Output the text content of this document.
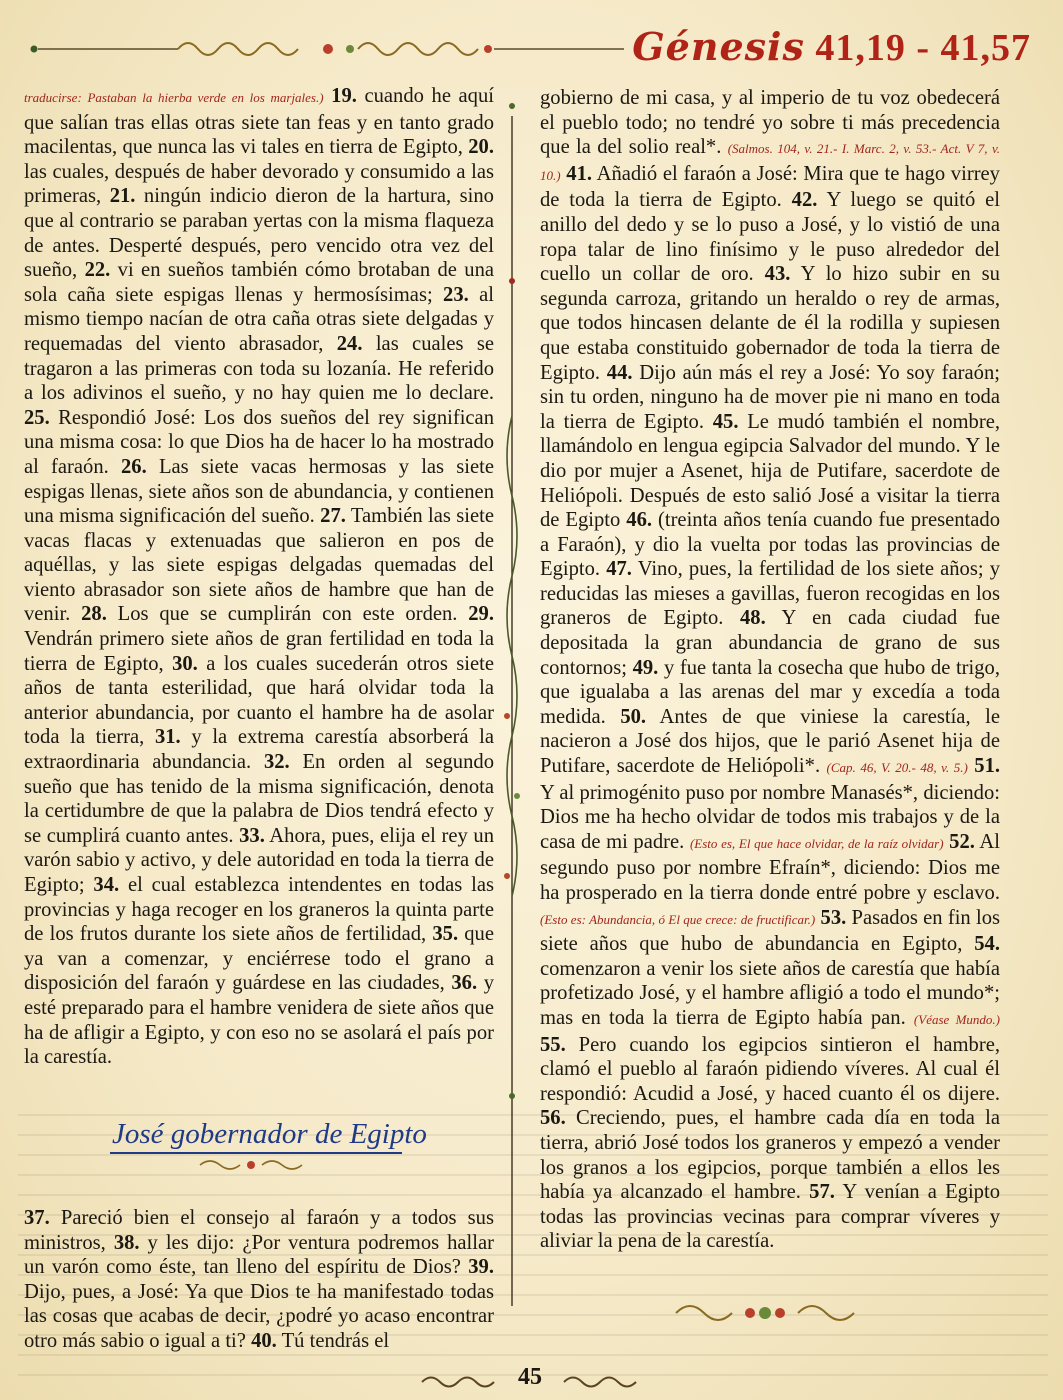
Génesis 41,19 - 41,57

traducirse: Pastaban la hierba verde en los marjales.) 19. cuando he aquí que salían tras ellas otras siete tan feas y en tanto grado macilentas, que nunca las vi tales en tierra de Egipto, 20. las cuales, después de haber devorado y consumido a las primeras, 21. ningún indicio dieron de la hartura, sino que al contrario se paraban yertas con la misma flaqueza de antes. Desperté después, pero vencido otra vez del sueño, 22. vi en sueños también cómo brotaban de una sola caña siete espigas llenas y hermosísimas; 23. al mismo tiempo nacían de otra caña otras siete delgadas y requemadas del viento abrasador, 24. las cuales se tragaron a las primeras con toda su lozanía. He referido a los adivinos el sueño, y no hay quien me lo declare. 25. Respondió José: Los dos sueños del rey significan una misma cosa: lo que Dios ha de hacer lo ha mostrado al faraón. 26. Las siete vacas hermosas y las siete espigas llenas, siete años son de abundancia, y contienen una misma significación del sueño. 27. También las siete vacas flacas y extenuadas que salieron en pos de aquéllas, y las siete espigas delgadas quemadas del viento abrasador son siete años de hambre que han de venir. 28. Los que se cumplirán con este orden. 29. Vendrán primero siete años de gran fertilidad en toda la tierra de Egipto, 30. a los cuales sucederán otros siete años de tanta esterilidad, que hará olvidar toda la anterior abundancia, por cuanto el hambre ha de asolar toda la tierra, 31. y la extrema carestía absorberá la extraordinaria abundancia. 32. En orden al segundo sueño que has tenido de la misma significación, denota la certidumbre de que la palabra de Dios tendrá efecto y se cumplirá cuanto antes. 33. Ahora, pues, elija el rey un varón sabio y activo, y dele autoridad en toda la tierra de Egipto; 34. el cual establezca intendentes en todas las provincias y haga recoger en los graneros la quinta parte de los frutos durante los siete años de fertilidad, 35. que ya van a comenzar, y enciérrese todo el grano a disposición del faraón y guárdese en las ciudades, 36. y esté preparado para el hambre venidera de siete años que ha de afligir a Egipto, y con eso no se asolará el país por la carestía.

José gobernador de Egipto

37. Pareció bien el consejo al faraón y a todos sus ministros, 38. y les dijo: ¿Por ventura podremos hallar un varón como éste, tan lleno del espíritu de Dios? 39. Dijo, pues, a José: Ya que Dios te ha manifestado todas las cosas que acabas de decir, ¿podré yo acaso encontrar otro más sabio o igual a ti? 40. Tú tendrás el

gobierno de mi casa, y al imperio de tu voz obedecerá el pueblo todo; no tendré yo sobre ti más precedencia que la del solio real*. (Salmos. 104, v. 21.- I. Marc. 2, v. 53.- Act. V 7, v. 10.) 41. Añadió el faraón a José: Mira que te hago virrey de toda la tierra de Egipto. 42. Y luego se quitó el anillo del dedo y se lo puso a José, y lo vistió de una ropa talar de lino finísimo y le puso alrededor del cuello un collar de oro. 43. Y lo hizo subir en su segunda carroza, gritando un heraldo o rey de armas, que todos hincasen delante de él la rodilla y supiesen que estaba constituido gobernador de toda la tierra de Egipto. 44. Dijo aún más el rey a José: Yo soy faraón; sin tu orden, ninguno ha de mover pie ni mano en toda la tierra de Egipto. 45. Le mudó también el nombre, llamándolo en lengua egipcia Salvador del mundo. Y le dio por mujer a Asenet, hija de Putifare, sacerdote de Heliópoli. Después de esto salió José a visitar la tierra de Egipto 46. (treinta años tenía cuando fue presentado a Faraón), y dio la vuelta por todas las provincias de Egipto. 47. Vino, pues, la fertilidad de los siete años; y reducidas las mieses a gavillas, fueron recogidas en los graneros de Egipto. 48. Y en cada ciudad fue depositada la gran abundancia de grano de sus contornos; 49. y fue tanta la cosecha que hubo de trigo, que igualaba a las arenas del mar y excedía a toda medida. 50. Antes de que viniese la carestía, le nacieron a José dos hijos, que le parió Asenet hija de Putifare, sacerdote de Heliópoli*. (Cap. 46, V. 20.- 48, v. 5.) 51. Y al primogénito puso por nombre Manasés*, diciendo: Dios me ha hecho olvidar de todos mis trabajos y de la casa de mi padre. (Esto es, El que hace olvidar, de la raíz olvidar) 52. Al segundo puso por nombre Efraín*, diciendo: Dios me ha prosperado en la tierra donde entré pobre y esclavo. (Esto es: Abundancia, ó El que crece: de fructificar.) 53. Pasados en fin los siete años que hubo de abundancia en Egipto, 54. comenzaron a venir los siete años de carestía que había profetizado José, y el hambre afligió a todo el mundo*; mas en toda la tierra de Egipto había pan. (Véase Mundo.) 55. Pero cuando los egipcios sintieron el hambre, clamó el pueblo al faraón pidiendo víveres. Al cual él respondió: Acudid a José, y haced cuanto él os dijere. 56. Creciendo, pues, el hambre cada día en toda la tierra, abrió José todos los graneros y empezó a vender los granos a los egipcios, porque también a ellos les había ya alcanzado el hambre. 57. Y venían a Egipto todas las provincias vecinas para comprar víveres y aliviar la pena de la carestía.

45
